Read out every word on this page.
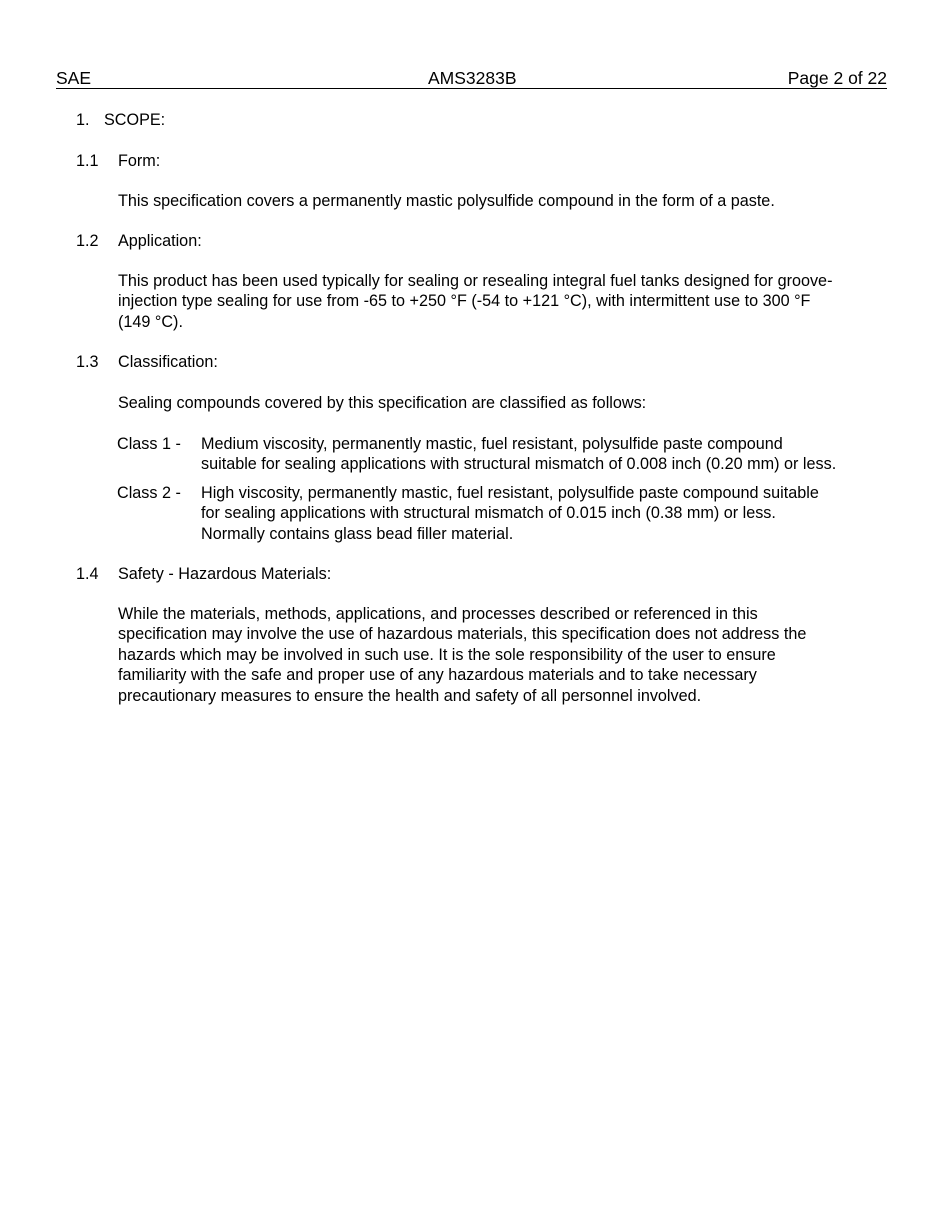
SAE	AMS3283B	Page 2 of 22
1. SCOPE:
1.1 Form:
This specification covers a permanently mastic polysulfide compound in the form of a paste.
1.2 Application:
This product has been used typically for sealing or resealing integral fuel tanks designed for groove-
injection type sealing for use from -65 to +250 °F (-54 to +121 °C), with intermittent use to 300 °F
(149 °C).
1.3 Classification:
Sealing compounds covered by this specification are classified as follows:
Class 1 - Medium viscosity, permanently mastic, fuel resistant, polysulfide paste compound
suitable for sealing applications with structural mismatch of 0.008 inch (0.20 mm) or less.
Class 2 - High viscosity, permanently mastic, fuel resistant, polysulfide paste compound suitable
for sealing applications with structural mismatch of 0.015 inch (0.38 mm) or less.
Normally contains glass bead filler material.
1.4 Safety - Hazardous Materials:
While the materials, methods, applications, and processes described or referenced in this
specification may involve the use of hazardous materials, this specification does not address the
hazards which may be involved in such use. It is the sole responsibility of the user to ensure
familiarity with the safe and proper use of any hazardous materials and to take necessary
precautionary measures to ensure the health and safety of all personnel involved.
